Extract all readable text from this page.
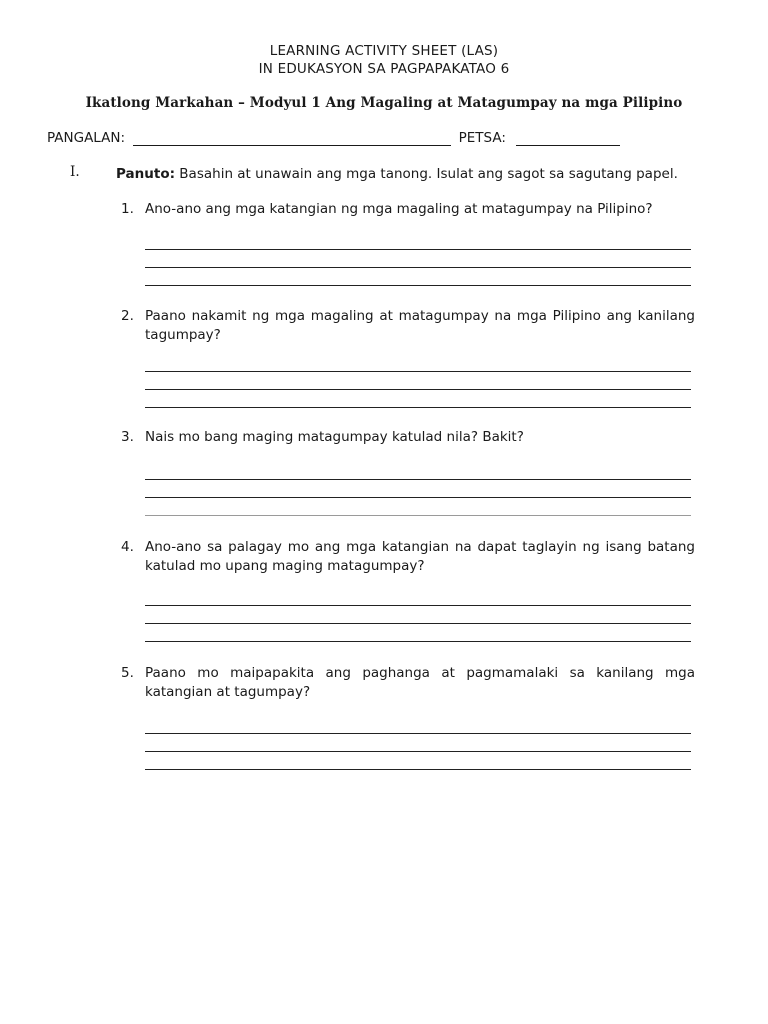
LEARNING ACTIVITY SHEET (LAS)
IN EDUKASYON SA PAGPAPAKATAO 6
Ikatlong Markahan – Modyul 1 Ang Magaling at Matagumpay na mga Pilipino
PANGALAN:	PETSA:
I.	Panuto: Basahin at unawain ang mga tanong. Isulat ang sagot sa sagutang papel.
1. Ano-ano ang mga katangian ng mga magaling at matagumpay na Pilipino?
2. Paano nakamit ng mga magaling at matagumpay na mga Pilipino ang kanilang tagumpay?
3. Nais mo bang maging matagumpay katulad nila? Bakit?
4. Ano-ano sa palagay mo ang mga katangian na dapat taglayin ng isang batang katulad mo upang maging matagumpay?
5. Paano mo maipapakita ang paghanga at pagmamalaki sa kanilang mga katangian at tagumpay?
